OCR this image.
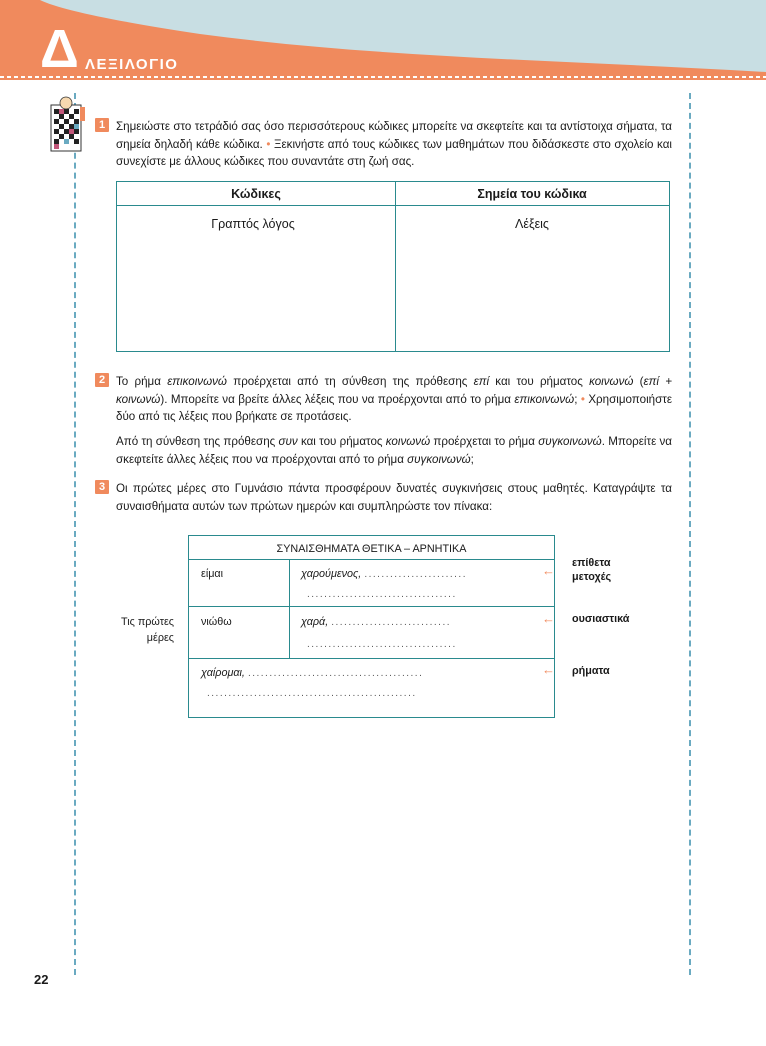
Δ ΛΕΞΙΛΟΓΙΟ
1 Σημειώστε στο τετράδιό σας όσο περισσότερους κώδικες μπορείτε να σκεφτείτε και τα αντίστοιχα σήματα, τα σημεία δηλαδή κάθε κώδικα. • Ξεκινήστε από τους κώδικες των μαθημάτων που διδάσκεστε στο σχολείο και συνεχίστε με άλλους κώδικες που συναντάτε στη ζωή σας.
Κώδικες	Σημεία του κώδικα
Γραπτός λόγος	Λέξεις
2 Το ρήμα επικοινωνώ προέρχεται από τη σύνθεση της πρόθεσης επί και του ρήματος κοινωνώ (επί + κοινωνώ). Μπορείτε να βρείτε άλλες λέξεις που να προέρχονται από το ρήμα επικοινωνώ; • Χρησιμοποιήστε δύο από τις λέξεις που βρήκατε σε προτάσεις.
Από τη σύνθεση της πρόθεσης συν και του ρήματος κοινωνώ προέρχεται το ρήμα συγκοινωνώ. Μπορείτε να σκεφτείτε άλλες λέξεις που να προέρχονται από το ρήμα συγκοινωνώ;
3 Οι πρώτες μέρες στο Γυμνάσιο πάντα προσφέρουν δυνατές συγκινήσεις στους μαθητές. Καταγράψτε τα συναισθήματα αυτών των πρώτων ημερών και συμπληρώστε τον πίνακα:
Τις πρώτες μέρες
ΣΥΝΑΙΣΘΗΜΑΤΑ ΘΕΤΙΚΑ – ΑΡΝΗΤΙΚΑ
είμαι	χαρούμενος, ........................
...................................
νιώθω	χαρά, ............................
...................................
χαίρομαι, .........................................
.................................................
← επίθετα μετοχές
← ουσιαστικά
← ρήματα
22
